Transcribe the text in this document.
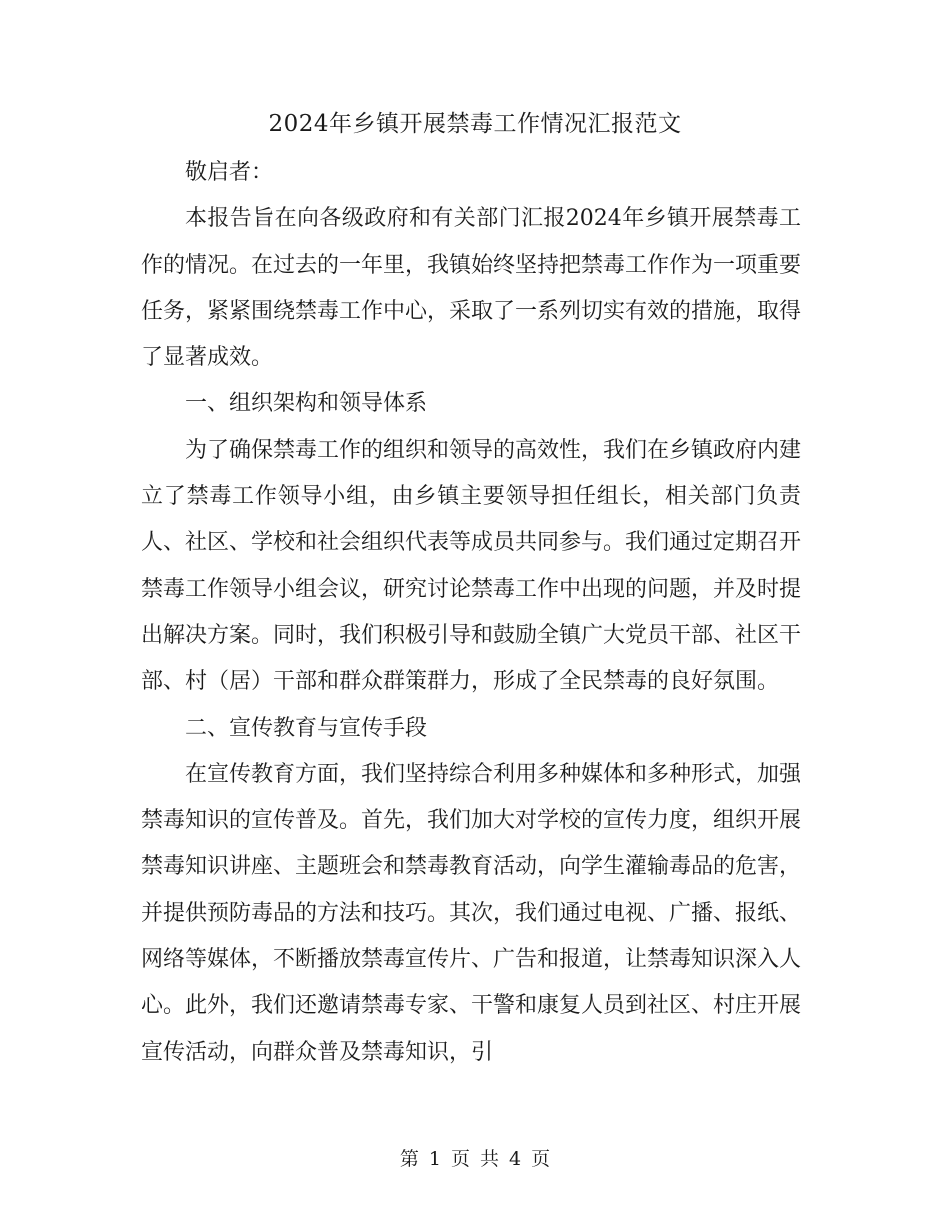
2024年乡镇开展禁毒工作情况汇报范文

敬启者：

本报告旨在向各级政府和有关部门汇报2024年乡镇开展禁毒工作的情况。在过去的一年里，我镇始终坚持把禁毒工作作为一项重要任务，紧紧围绕禁毒工作中心，采取了一系列切实有效的措施，取得了显著成效。

一、组织架构和领导体系

为了确保禁毒工作的组织和领导的高效性，我们在乡镇政府内建立了禁毒工作领导小组，由乡镇主要领导担任组长，相关部门负责人、社区、学校和社会组织代表等成员共同参与。我们通过定期召开禁毒工作领导小组会议，研究讨论禁毒工作中出现的问题，并及时提出解决方案。同时，我们积极引导和鼓励全镇广大党员干部、社区干部、村（居）干部和群众群策群力，形成了全民禁毒的良好氛围。

二、宣传教育与宣传手段

在宣传教育方面，我们坚持综合利用多种媒体和多种形式，加强禁毒知识的宣传普及。首先，我们加大对学校的宣传力度，组织开展禁毒知识讲座、主题班会和禁毒教育活动，向学生灌输毒品的危害，并提供预防毒品的方法和技巧。其次，我们通过电视、广播、报纸、网络等媒体，不断播放禁毒宣传片、广告和报道，让禁毒知识深入人心。此外，我们还邀请禁毒专家、干警和康复人员到社区、村庄开展宣传活动，向群众普及禁毒知识，引

第 1 页 共 4 页
